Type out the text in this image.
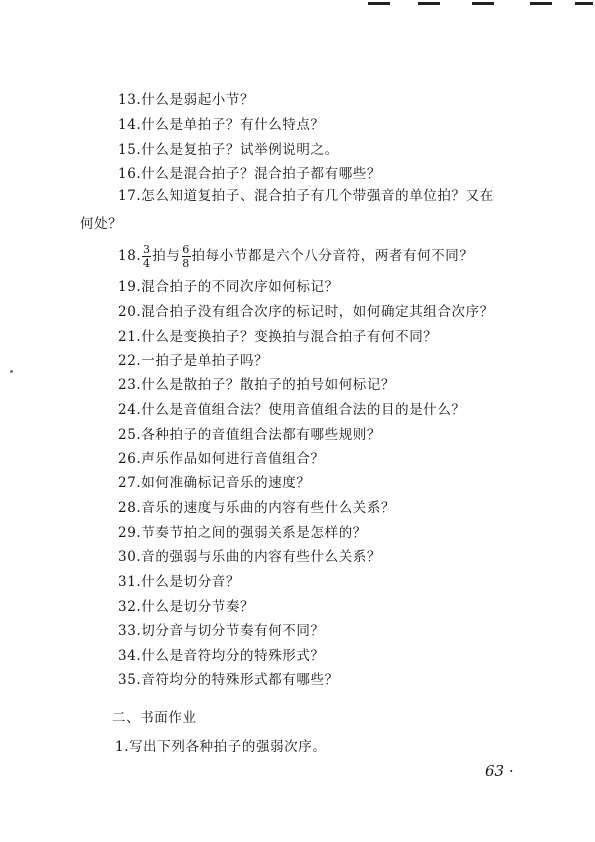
13.什么是弱起小节？
14.什么是单拍子？有什么特点？
15.什么是复拍子？试举例说明之。
16.什么是混合拍子？混合拍子都有哪些？
17.怎么知道复拍子、混合拍子有几个带强音的单位拍？又在
何处？
18. $\frac{3}{4}$ 拍与 $\frac{6}{8}$ 拍每小节都是六个八分音符，两者有何不同？
19.混合拍子的不同次序如何标记？
20.混合拍子没有组合次序的标记时，如何确定其组合次序？
21.什么是变换拍子？变换拍与混合拍子有何不同？
22.一拍子是单拍子吗？
23.什么是散拍子？散拍子的拍号如何标记？
24.什么是音值组合法？使用音值组合法的目的是什么？
25.各种拍子的音值组合法都有哪些规则？
26.声乐作品如何进行音值组合？
27.如何准确标记音乐的速度？
28.音乐的速度与乐曲的内容有些什么关系？
29.节奏节拍之间的强弱关系是怎样的？
30.音的强弱与乐曲的内容有些什么关系？
31.什么是切分音？
32.什么是切分节奏？
33.切分音与切分节奏有何不同？
34.什么是音符均分的特殊形式？
35.音符均分的特殊形式都有哪些？
二、书面作业
1.写出下列各种拍子的强弱次序。
63 ·
